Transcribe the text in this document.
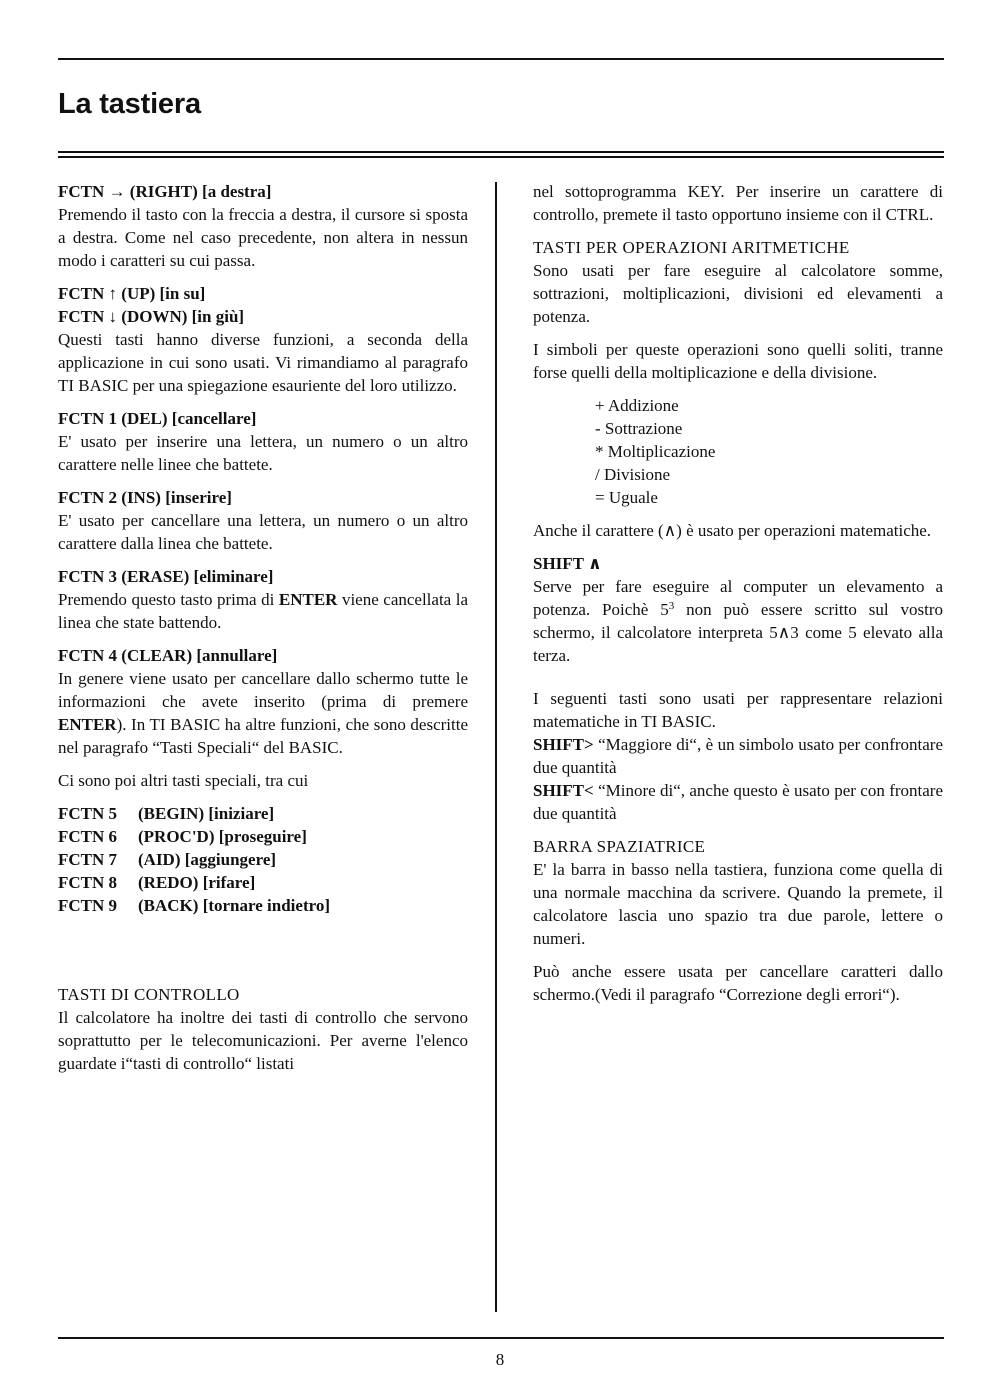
La tastiera
FCTN → (RIGHT) [a destra]

Premendo il tasto con la freccia a destra, il cursore si sposta a destra. Come nel caso precedente, non altera in nessun modo i caratteri su cui passa.

FCTN ↑ (UP) [in su]
FCTN ↓ (DOWN) [in giù]

Questi tasti hanno diverse funzioni, a seconda della applicazione in cui sono usati. Vi rimandiamo al paragrafo TI BASIC per una spiegazione esauriente del loro utilizzo.

FCTN 1 (DEL) [cancellare]

E' usato per inserire una lettera, un numero o un altro carattere nelle linee che battete.

FCTN 2 (INS) [inserire]

E' usato per cancellare una lettera, un numero o un altro carattere dalla linea che battete.

FCTN 3 (ERASE) [eliminare]

Premendo questo tasto prima di ENTER viene cancellata la linea che state battendo.

FCTN 4 (CLEAR) [annullare]

In genere viene usato per cancellare dallo schermo tutte le informazioni che avete inserito (prima di premere ENTER). In TI BASIC ha altre funzioni, che sono descritte nel paragrafo “Tasti Speciali“ del BASIC.

Ci sono poi altri tasti speciali, tra cui

FCTN 5	(BEGIN) [iniziare]
FCTN 6	(PROC'D) [proseguire]
FCTN 7	(AID) [aggiungere]
FCTN 8	(REDO) [rifare]
FCTN 9	(BACK) [tornare indietro]
TASTI DI CONTROLLO

Il calcolatore ha inoltre dei tasti di controllo che servono soprattutto per le telecomunicazioni. Per averne l'elenco guardate i“tasti di controllo“ listati

nel sottoprogramma KEY. Per inserire un carattere di controllo, premete il tasto opportuno insieme con il CTRL.

TASTI PER OPERAZIONI ARITMETICHE

Sono usati per fare eseguire al calcolatore somme, sottrazioni, moltiplicazioni, divisioni ed elevamenti a potenza.

I simboli per queste operazioni sono quelli soliti, tranne forse quelli della moltiplicazione e della divisione.

+ Addizione
- Sottrazione
* Moltiplicazione
/ Divisione
= Uguale

Anche il carattere (∧) è usato per operazioni matematiche.

SHIFT ∧

Serve per fare eseguire al computer un elevamento a potenza. Poichè $5^3$ non può essere scritto sul vostro schermo, il calcolatore interpreta 5∧3 come 5 elevato alla terza.

I seguenti tasti sono usati per rappresentare relazioni matematiche in TI BASIC.

SHIFT> “Maggiore di“, è un simbolo usato per confrontare due quantità

SHIFT< “Minore di“, anche questo è usato per con frontare due quantità

BARRA SPAZIATRICE

E' la barra in basso nella tastiera, funziona come quella di una normale macchina da scrivere. Quando la premete, il calcolatore lascia uno spazio tra due parole, lettere o numeri.

Può anche essere usata per cancellare caratteri dallo schermo.(Vedi il paragrafo “Correzione degli errori“).

8
